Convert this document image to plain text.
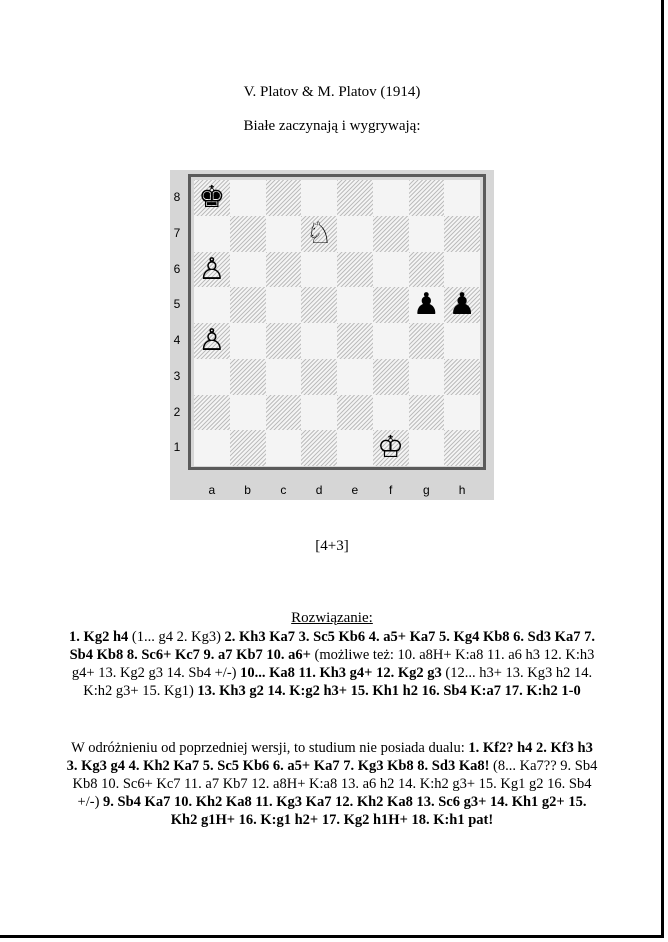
V. Platov & M. Platov (1914)
Białe zaczynają i wygrywają:
♚
♘
♙
♟ ♟
♙
♔
8
7
6
5
4
3
2
1
a	b	c	d	e	f	g	h
[4+3]
Rozwiązanie:
1. Kg2 h4 (1... g4 2. Kg3) 2. Kh3 Ka7 3. Sc5 Kb6 4. a5+ Ka7 5. Kg4 Kb8 6. Sd3 Ka7 7. Sb4 Kb8 8. Sc6+ Kc7 9. a7 Kb7 10. a6+ (możliwe też: 10. a8H+ K:a8 11. a6 h3 12. K:h3 g4+ 13. Kg2 g3 14. Sb4 +/-) 10... Ka8 11. Kh3 g4+ 12. Kg2 g3 (12... h3+ 13. Kg3 h2 14. K:h2 g3+ 15. Kg1) 13. Kh3 g2 14. K:g2 h3+ 15. Kh1 h2 16. Sb4 K:a7 17. K:h2 1-0
W odróżnieniu od poprzedniej wersji, to studium nie posiada dualu: 1. Kf2? h4 2. Kf3 h3 3. Kg3 g4 4. Kh2 Ka7 5. Sc5 Kb6 6. a5+ Ka7 7. Kg3 Kb8 8. Sd3 Ka8! (8... Ka7?? 9. Sb4 Kb8 10. Sc6+ Kc7 11. a7 Kb7 12. a8H+ K:a8 13. a6 h2 14. K:h2 g3+ 15. Kg1 g2 16. Sb4 +/-) 9. Sb4 Ka7 10. Kh2 Ka8 11. Kg3 Ka7 12. Kh2 Ka8 13. Sc6 g3+ 14. Kh1 g2+ 15. Kh2 g1H+ 16. K:g1 h2+ 17. Kg2 h1H+ 18. K:h1 pat!
